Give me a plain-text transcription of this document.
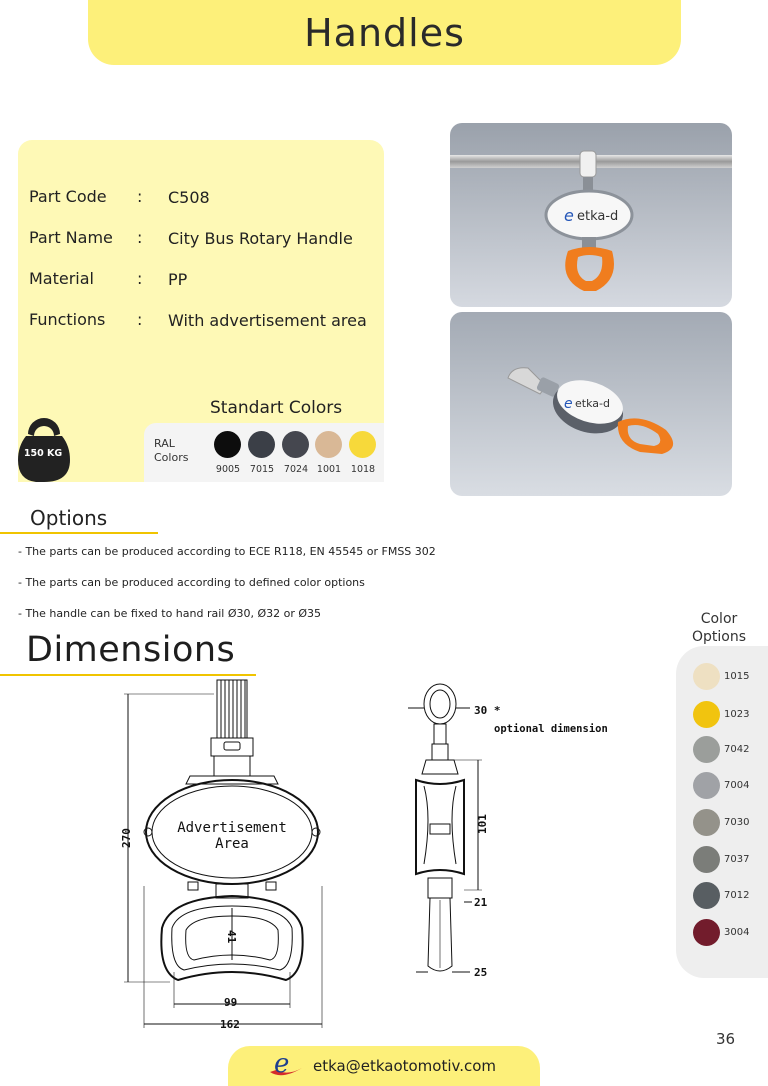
Handles
Part Code : C508
Part Name : City Bus Rotary Handle
Material	: PP
Functions : With advertisement area
Standart Colors
RAL Colors
9005	7015	7024 1001	1018
150 KG
e etka-d
e etka-d
Options
- The parts can be produced according to ECE R118, EN 45545 or FMSS 302
- The parts can be produced according to defined color options
- The handle can be fixed to hand rail Ø30, Ø32 or Ø35
Dimensions
Color
Options
1015
1023
7042
7004
7030
7037
7012
3004
270
41
99
162
30 *
optional dimension
101
21
25
Advertisement
Area
36
e etka@etkaotomotiv.com
